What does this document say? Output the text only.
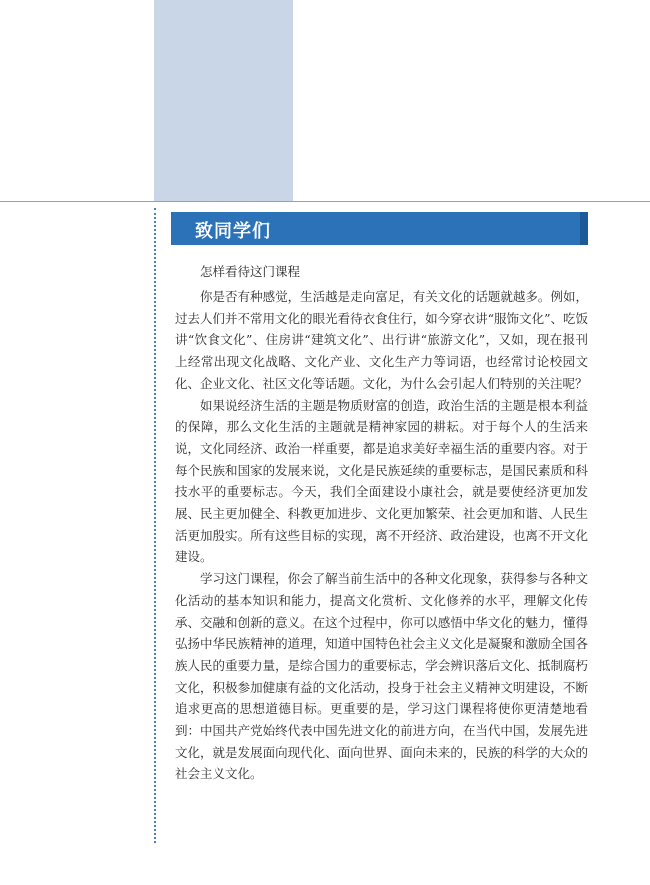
致同学们

怎样看待这门课程

你是否有种感觉，生活越是走向富足，有关文化的话题就越多。例如，过去人们并不常用文化的眼光看待衣食住行，如今穿衣讲“服饰文化”、吃饭讲“饮食文化”、住房讲“建筑文化”、出行讲“旅游文化”，又如，现在报刊上经常出现文化战略、文化产业、文化生产力等词语，也经常讨论校园文化、企业文化、社区文化等话题。文化，为什么会引起人们特别的关注呢？

如果说经济生活的主题是物质财富的创造，政治生活的主题是根本利益的保障，那么文化生活的主题就是精神家园的耕耘。对于每个人的生活来说，文化同经济、政治一样重要，都是追求美好幸福生活的重要内容。对于每个民族和国家的发展来说，文化是民族延续的重要标志，是国民素质和科技水平的重要标志。今天，我们全面建设小康社会，就是要使经济更加发展、民主更加健全、科教更加进步、文化更加繁荣、社会更加和谐、人民生活更加殷实。所有这些目标的实现，离不开经济、政治建设，也离不开文化建设。

学习这门课程，你会了解当前生活中的各种文化现象，获得参与各种文化活动的基本知识和能力，提高文化赏析、文化修养的水平，理解文化传承、交融和创新的意义。在这个过程中，你可以感悟中华文化的魅力，懂得弘扬中华民族精神的道理，知道中国特色社会主义文化是凝聚和激励全国各族人民的重要力量，是综合国力的重要标志，学会辨识落后文化、抵制腐朽文化，积极参加健康有益的文化活动，投身于社会主义精神文明建设，不断追求更高的思想道德目标。更重要的是，学习这门课程将使你更清楚地看到：中国共产党始终代表中国先进文化的前进方向，在当代中国，发展先进文化，就是发展面向现代化、面向世界、面向未来的，民族的科学的大众的社会主义文化。
